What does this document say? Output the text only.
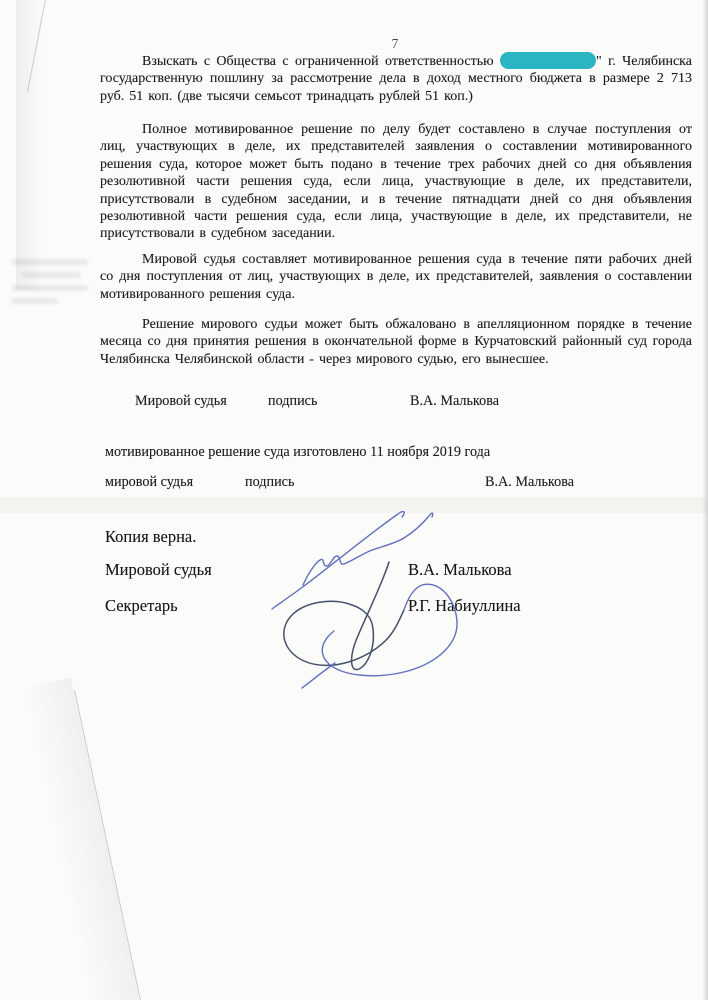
7

Взыскать с Общества с ограниченной ответственностью	" г. Челябинска государственную пошлину за рассмотрение дела в доход местного бюджета в размере 2 713 руб. 51 коп. (две тысячи семьсот тринадцать рублей 51 коп.)

Полное мотивированное решение по делу будет составлено в случае поступления от лиц, участвующих в деле, их представителей заявления о составлении мотивированного решения суда, которое может быть подано в течение трех рабочих дней со дня объявления резолютивной части решения суда, если лица, участвующие в деле, их представители, присутствовали в судебном заседании, и в течение пятнадцати дней со дня объявления резолютивной части решения суда, если лица, участвующие в деле, их представители, не присутствовали в судебном заседании.

Мировой судья составляет мотивированное решения суда в течение пяти рабочих дней со дня поступления от лиц, участвующих в деле, их представителей, заявления о составлении мотивированного решения суда.

Решение мирового судьи может быть обжаловано в апелляционном порядке в течение месяца со дня принятия решения в окончательной форме в Курчатовский районный суд города Челябинска Челябинской области - через мирового судью, его вынесшее.

Мировой судья	подпись	В.А. Малькова
мотивированное решение суда изготовлено 11 ноября 2019 года
мировой судья	подпись	В.А. Малькова
Копия верна.
Мировой судья	В.А. Малькова
Секретарь	Р.Г. Набиуллина
